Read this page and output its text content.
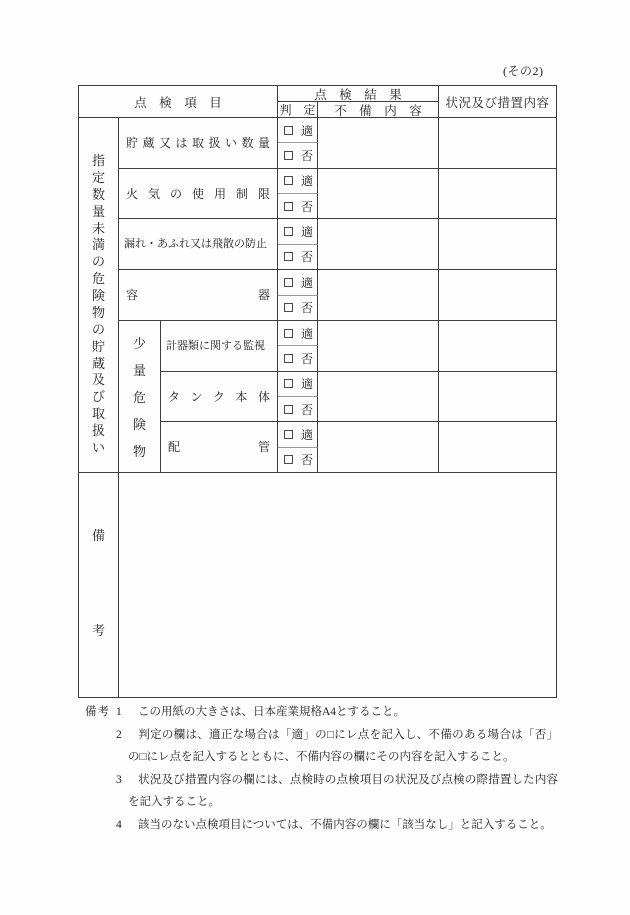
(その2)
点　検　項　目
点　検　結　果
状況及び措置内容
判　定	不　備　内　容
指
定
数
量
未
満
の
危
険
物
の
貯
蔵
及
び
取
扱
い
貯蔵又は取扱い数量
適
否
火気の使用制限
適
否
漏れ・あふれ又は飛散の防止
適
否
容器
適
否
少
量
危
険
物
計器類に関する監視
適
否
タンク本体
適
否
配管
適
否
備
考
備考 1 この用紙の大きさは、日本産業規格A4とすること。
2 判定の欄は、適正な場合は「適」の□にレ点を記入し、不備のある場合は「否」の□にレ点を記入するとともに、不備内容の欄にその内容を記入すること。
3 状況及び措置内容の欄には、点検時の点検項目の状況及び点検の際措置した内容を記入すること。
4 該当のない点検項目については、不備内容の欄に「該当なし」と記入すること。
